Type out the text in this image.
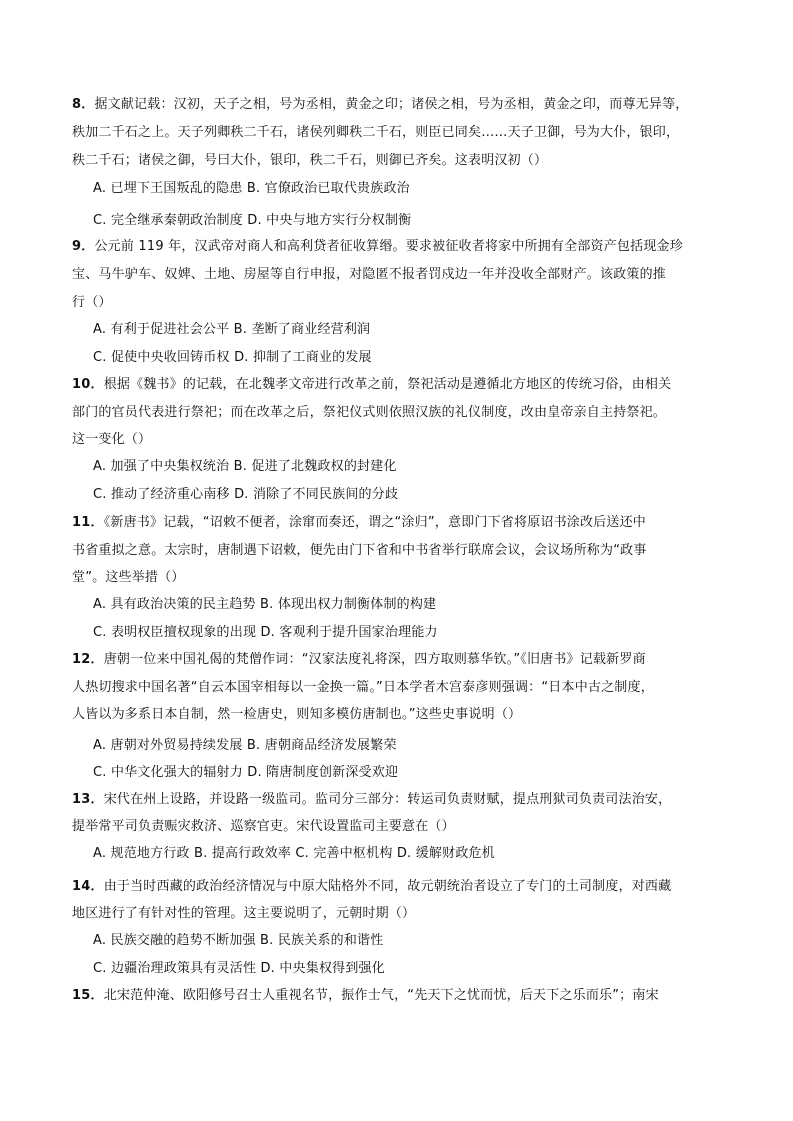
8．据文献记载：汉初，天子之相，号为丞相，黄金之印；诸侯之相，号为丞相，黄金之印，而尊无异等，
秩加二千石之上。天子列卿秩二千石，诸侯列卿秩二千石，则臣已同矣……天子卫御，号为大仆，银印，
秩二千石；诸侯之御，号曰大仆，银印，秩二千石，则御已齐矣。这表明汉初（）
A. 已埋下王国叛乱的隐患 B. 官僚政治已取代贵族政治
C. 完全继承秦朝政治制度 D. 中央与地方实行分权制衡
9．公元前 119 年，汉武帝对商人和高利贷者征收算缗。要求被征收者将家中所拥有全部资产包括现金珍
宝、马牛驴车、奴婢、土地、房屋等自行申报，对隐匿不报者罚戍边一年并没收全部财产。该政策的推
行（）
A. 有利于促进社会公平 B. 垄断了商业经营利润
C. 促使中央收回铸币权 D. 抑制了工商业的发展
10．根据《魏书》的记载，在北魏孝文帝进行改革之前，祭祀活动是遵循北方地区的传统习俗，由相关
部门的官员代表进行祭祀；而在改革之后，祭祀仪式则依照汉族的礼仪制度，改由皇帝亲自主持祭祀。
这一变化（）
A. 加强了中央集权统治 B. 促进了北魏政权的封建化
C. 推动了经济重心南移 D. 消除了不同民族间的分歧
11．《新唐书》记载，“诏敕不便者，涂窜而奏还，谓之“涂归”，意即门下省将原诏书涂改后送还中
书省重拟之意。太宗时，唐制遇下诏敕，便先由门下省和中书省举行联席会议，会议场所称为“政事
堂”。这些举措（）
A. 具有政治决策的民主趋势 B. 体现出权力制衡体制的构建
C. 表明权臣擅权现象的出现 D. 客观利于提升国家治理能力
12．唐朝一位来中国礼偈的梵僧作词：“汉家法度礼将深，四方取则慕华钦。”《旧唐书》记载新罗商
人热切搜求中国名著“自云本国宰相每以一金换一篇。”日本学者木宫泰彦则强调：“日本中古之制度，
人皆以为多系日本自制，然一检唐史，则知多模仿唐制也。”这些史事说明（）
A. 唐朝对外贸易持续发展 B. 唐朝商品经济发展繁荣
C. 中华文化强大的辐射力 D. 隋唐制度创新深受欢迎
13．宋代在州上设路，并设路一级监司。监司分三部分：转运司负责财赋，提点刑狱司负责司法治安，
提举常平司负责赈灾救济、巡察官吏。宋代设置监司主要意在（）
A. 规范地方行政 B. 提高行政效率 C. 完善中枢机构 D. 缓解财政危机
14．由于当时西藏的政治经济情况与中原大陆格外不同，故元朝统治者设立了专门的土司制度，对西藏
地区进行了有针对性的管理。这主要说明了，元朝时期（）
A. 民族交融的趋势不断加强 B. 民族关系的和谐性
C. 边疆治理政策具有灵活性 D. 中央集权得到强化
15．北宋范仲淹、欧阳修号召士人重视名节，振作士气，“先天下之忧而忧，后天下之乐而乐”；南宋
